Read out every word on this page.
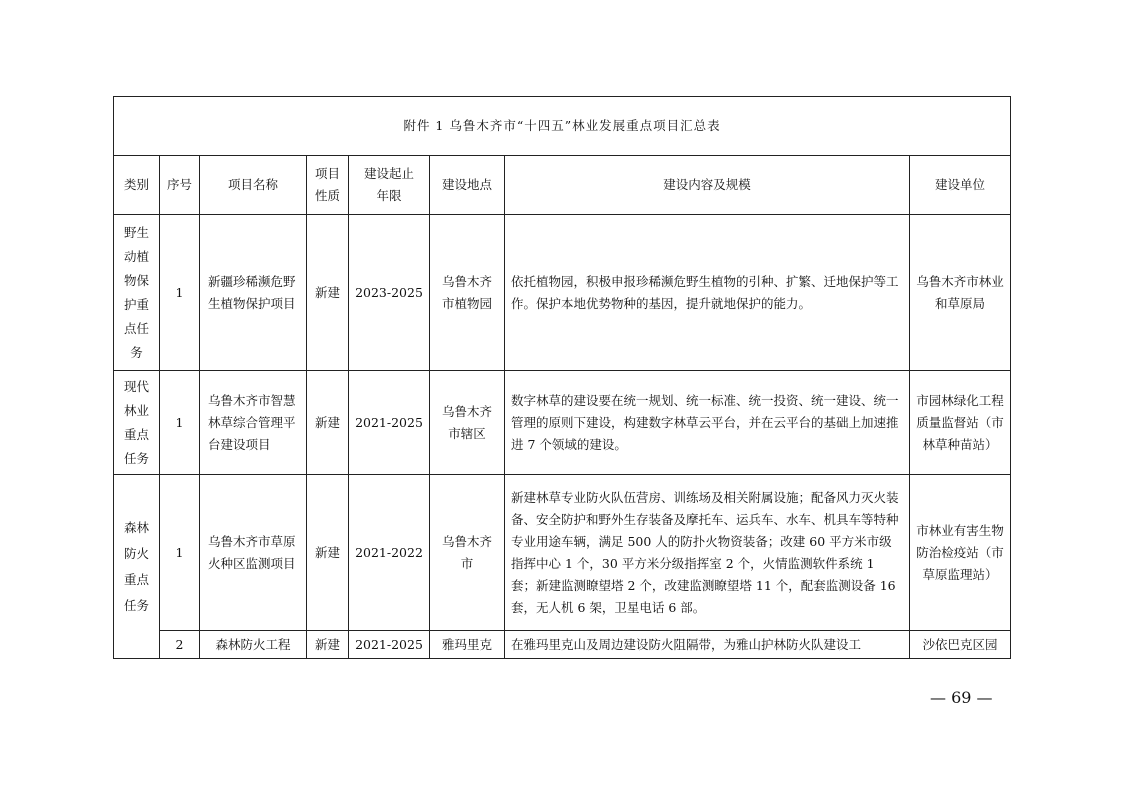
附件 1 乌鲁木齐市“十四五”林业发展重点项目汇总表							
类别	序号	项目名称	项目性质	建设起止年限	建设地点	建设内容及规模	建设单位
野生动植物保护重点任务	1	新疆珍稀濒危野生植物保护项目	新建	2023-2025	乌鲁木齐市植物园	依托植物园，积极申报珍稀濒危野生植物的引种、扩繁、迁地保护等工作。保护本地优势物种的基因，提升就地保护的能力。	乌鲁木齐市林业和草原局
现代林业重点任务	1	乌鲁木齐市智慧林草综合管理平台建设项目	新建	2021-2025	乌鲁木齐市辖区	数字林草的建设要在统一规划、统一标准、统一投资、统一建设、统一管理的原则下建设，构建数字林草云平台，并在云平台的基础上加速推进 7 个领域的建设。	市园林绿化工程质量监督站（市林草种苗站）
森林防火重点任务	1	乌鲁木齐市草原火种区监测项目	新建	2021-2022	乌鲁木齐市	新建林草专业防火队伍营房、训练场及相关附属设施；配备风力灭火装备、安全防护和野外生存装备及摩托车、运兵车、水车、机具车等特种专业用途车辆，满足 500 人的防扑火物资装备；改建 60 平方米市级指挥中心 1 个，30 平方米分级指挥室 2 个，火情监测软件系统 1 套；新建监测瞭望塔 2 个，改建监测瞭望塔 11 个，配套监测设备 16 套，无人机 6 架，卫星电话 6 部。	市林业有害生物防治检疫站（市草原监理站）
	2	森林防火工程	新建	2021-2025	雅玛里克	在雅玛里克山及周边建设防火阻隔带，为雅山护林防火队建设工	沙依巴克区园
— 69 —
